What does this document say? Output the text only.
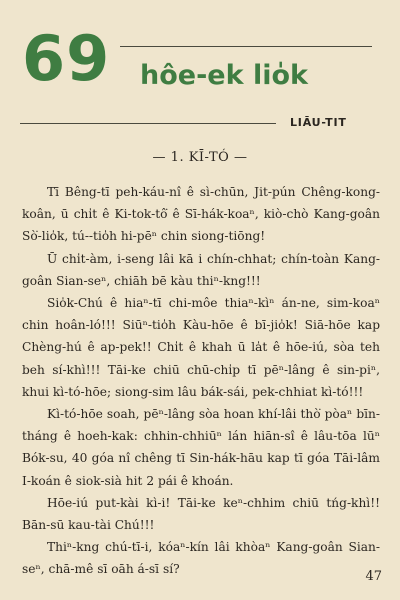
69 hôe-ek lio̍k
LIĀU-TIT
— 1. KĪ-TÓ —

Tī Bêng-tī peh-káu-nî ê sì-chūn, Jit-pún Chêng-kong-koân, ū chi̍t ê Ki-tok-tô͘ ê Sī-hák-koaⁿ, kiò-chò Kang-goân Sò͘-lio̍k, tú--tio̍h hi-pēⁿ chin siong-tiōng!

Ū chi̍t-àm, i-seng lâi kā i chín-chhat; chín-toàn Kang-goân Sian-seⁿ, chiāh bē kàu thiⁿ-kng!!!

Sio̍k-Chú ê hiaⁿ-tī chi-môe thiaⁿ-kìⁿ án-ne, sim-koaⁿ chin hoân-ló!!! Siūⁿ-tio̍h Kàu-hōe ê bī-jio̍k! Siā-hōe kap Chèng-hú ê ap-pek!! Chi̍t ê khah ū la̍t ê hōe-iú, sòa teh beh sí-khì!!! Tāi-ke chiū chū-chi̍p tī pēⁿ-lâng ê sin-piⁿ, khui kì-tó-hōe; siong-sim lâu bák-sái, pek-chhiat kì-tó!!!

Kì-tó-hōe soah, pēⁿ-lâng sòa hoan khí-lâi thò͘ pòaⁿ bīn-tháng ê hoeh-kak: chhin-chhiūⁿ lán hiān-sî ê lâu-tōa lūⁿ Bók-su, 40 góa nî chêng tī Sin-hák-hāu kap tī góa Tāi-lâm I-koán ê siok-sià hit 2 pái ê khoán.

Hōe-iú put-kài kì-i! Tāi-ke keⁿ-chhim chiū tńg-khì!! Bān-sū kau-tài Chú!!!

Thiⁿ-kng chú-tī-i, kóaⁿ-kín lâi khòaⁿ Kang-goân Sian-seⁿ, chā-mê sī oāh á-sī sí?	47
